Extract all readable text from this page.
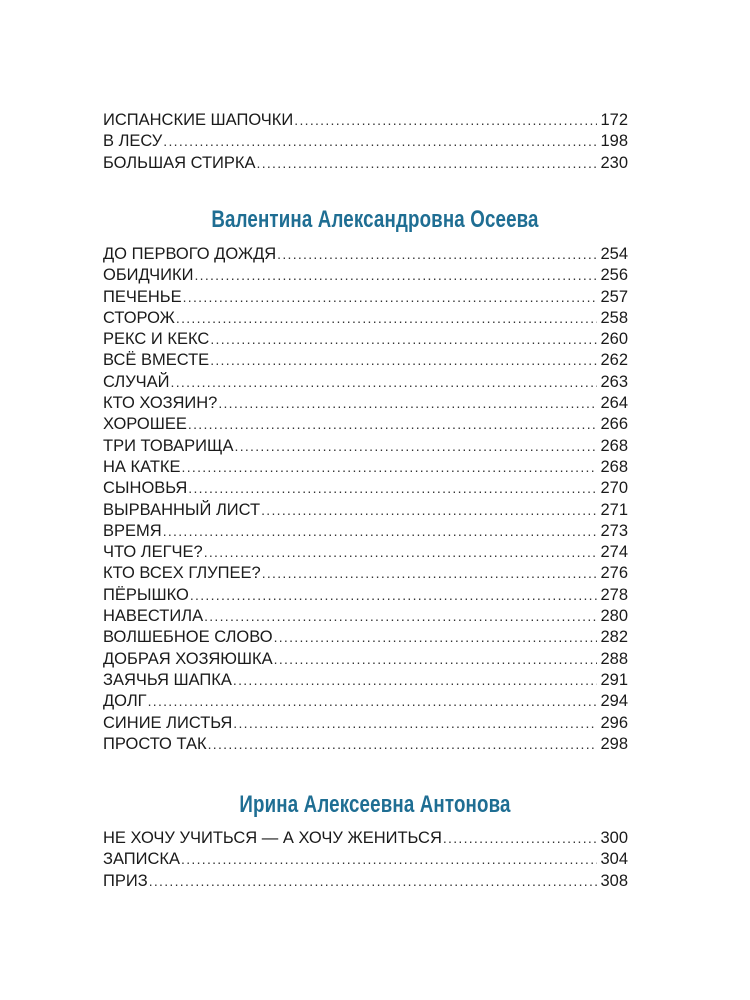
ИСПАНСКИЕ ШАПОЧКИ . . .	172
В ЛЕСУ . . .	198
БОЛЬШАЯ СТИРКА . . .	230
Валентина Александровна Осеева
ДО ПЕРВОГО ДОЖДЯ . . .	254
ОБИДЧИКИ . . .	256
ПЕЧЕНЬЕ . . .	257
СТОРОЖ . . .	258
РЕКС И КЕКС . . .	260
ВСЁ ВМЕСТЕ . . .	262
СЛУЧАЙ . . .	263
КТО ХОЗЯИН? . . .	264
ХОРОШЕЕ . . .	266
ТРИ ТОВАРИЩА . . .	268
НА КАТКЕ . . .	268
СЫНОВЬЯ . . .	270
ВЫРВАННЫЙ ЛИСТ . . .	271
ВРЕМЯ . . .	273
ЧТО ЛЕГЧЕ? . . .	274
КТО ВСЕХ ГЛУПЕЕ? . . .	276
ПЁРЫШКО . . .	278
НАВЕСТИЛА . . .	280
ВОЛШЕБНОЕ СЛОВО . . .	282
ДОБРАЯ ХОЗЯЮШКА . . .	288
ЗАЯЧЬЯ ШАПКА . . .	291
ДОЛГ . . .	294
СИНИЕ ЛИСТЬЯ . . .	296
ПРОСТО ТАК . . .	298
Ирина Алексеевна Антонова
НЕ ХОЧУ УЧИТЬСЯ — А ХОЧУ ЖЕНИТЬСЯ . . .	300
ЗАПИСКА . . .	304
ПРИЗ . . .	308
